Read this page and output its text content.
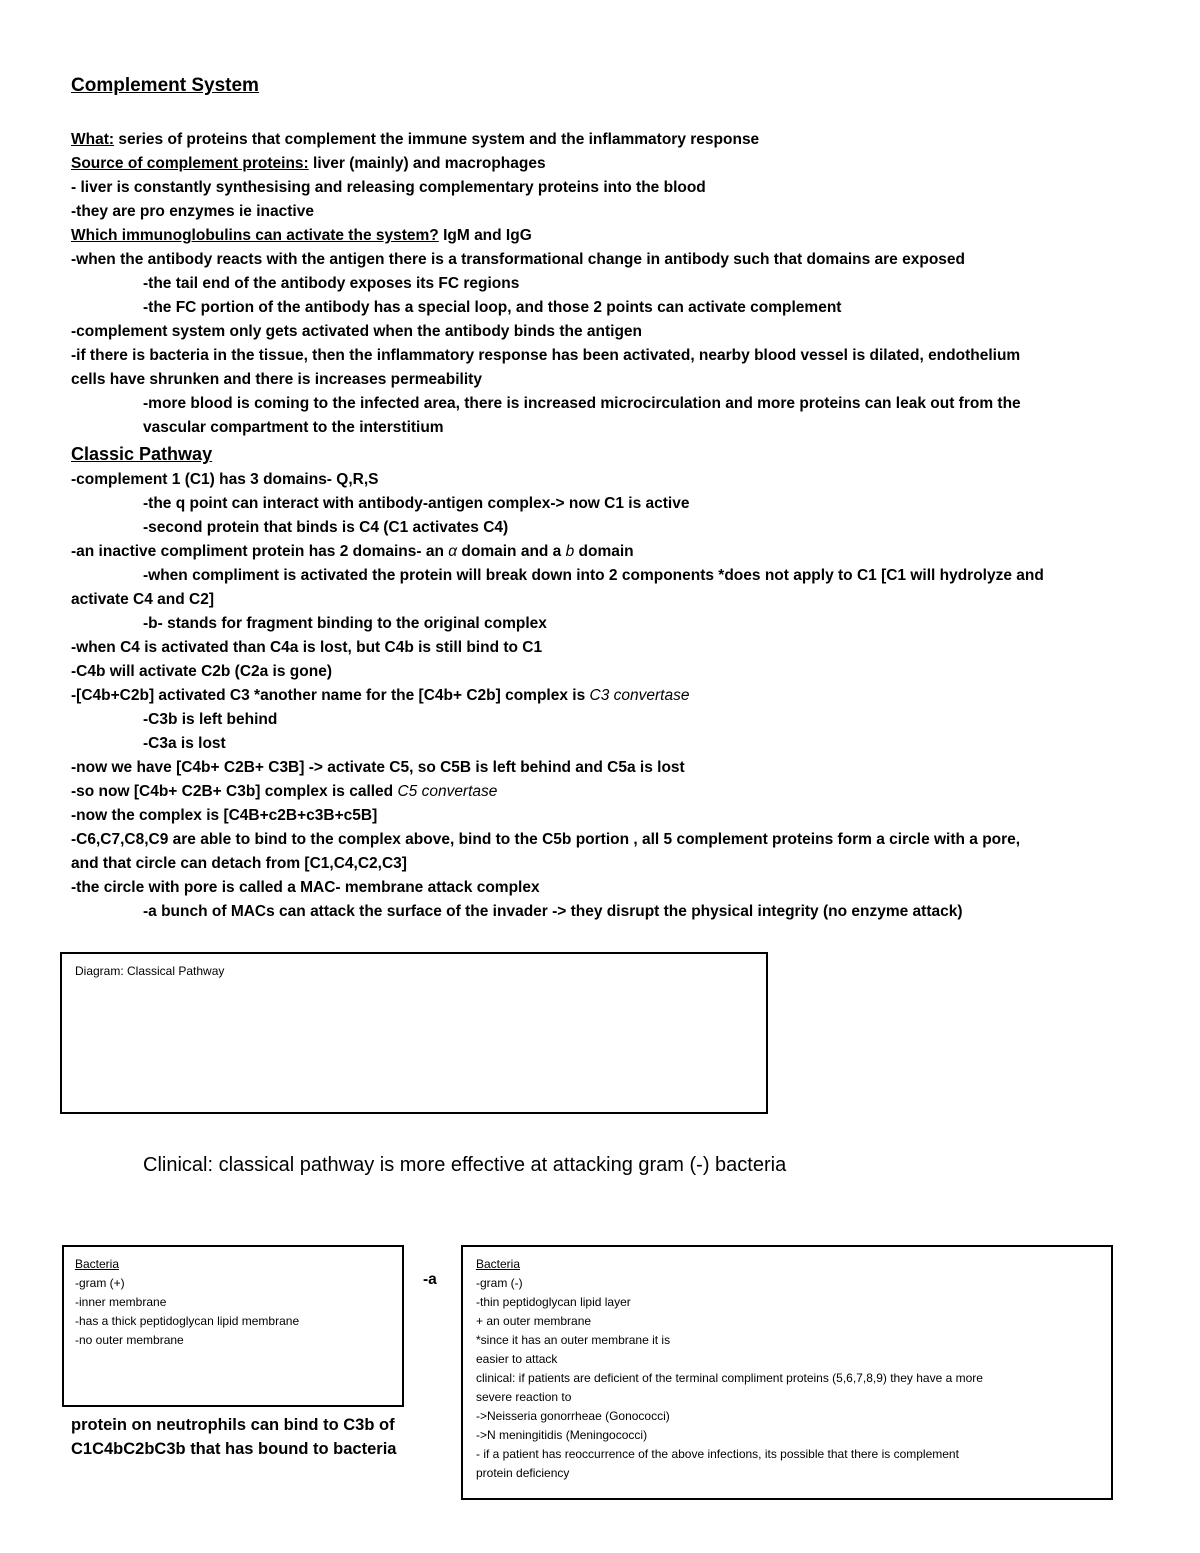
Complement System
What: series of proteins that complement the immune system and the inflammatory response
Source of complement proteins: liver (mainly) and macrophages
- liver is constantly synthesising and releasing complementary proteins into the blood
-they are pro enzymes ie inactive
Which immunoglobulins can activate the system? IgM and IgG
-when the antibody reacts with the antigen there is a transformational change in antibody such that domains are exposed
-the tail end of the antibody exposes its FC regions
-the FC portion of the antibody has a special loop, and those 2 points can activate complement
-complement system only gets activated when the antibody binds the antigen
-if there is bacteria in the tissue, then the inflammatory response has been activated, nearby blood vessel is dilated, endothelium
cells have shrunken and there is increases permeability
-more blood is coming to the infected area, there is increased microcirculation and more proteins can leak out from the
vascular compartment to the interstitium
Classic Pathway
-complement 1 (C1) has 3 domains- Q,R,S
-the q point can interact with antibody-antigen complex-> now C1 is active
-second protein that binds is C4 (C1 activates C4)
-an inactive compliment protein has 2 domains- an α domain and a b domain
-when compliment is activated the protein will break down into 2 components *does not apply to C1 [C1 will hydrolyze and
activate C4 and C2]
-b- stands for fragment binding to the original complex
-when C4 is activated than C4a is lost, but C4b is still bind to C1
-C4b will activate C2b (C2a is gone)
-[C4b+C2b] activated C3 *another name for the [C4b+ C2b] complex is C3 convertase
-C3b is left behind
-C3a is lost
-now we have [C4b+ C2B+ C3B] -> activate C5, so C5B is left behind and C5a is lost
-so now [C4b+ C2B+ C3b] complex is called C5 convertase
-now the complex is [C4B+c2B+c3B+c5B]
-C6,C7,C8,C9 are able to bind to the complex above, bind to the C5b portion , all 5 complement proteins form a circle with a pore,
and that circle can detach from [C1,C4,C2,C3]
-the circle with pore is called a MAC- membrane attack complex
-a bunch of MACs can attack the surface of the invader -> they disrupt the physical integrity (no enzyme attack)
Diagram: Classical Pathway
Clinical: classical pathway is more effective at attacking gram (-) bacteria
Bacteria
-gram (+)
-inner membrane
-has a thick peptidoglycan lipid membrane
-no outer membrane
-a
Bacteria
-gram (-)
-thin peptidoglycan lipid layer
+ an outer membrane
*since it has an outer membrane it is
easier to attack
clinical: if patients are deficient of the terminal compliment proteins (5,6,7,8,9) they have a more
severe reaction to
->Neisseria gonorrheae (Gonococci)
->N meningitidis (Meningococci)
- if a patient has reoccurrence of the above infections, its possible that there is complement
protein deficiency
protein on neutrophils can bind to C3b of
C1C4bC2bC3b that has bound to bacteria
